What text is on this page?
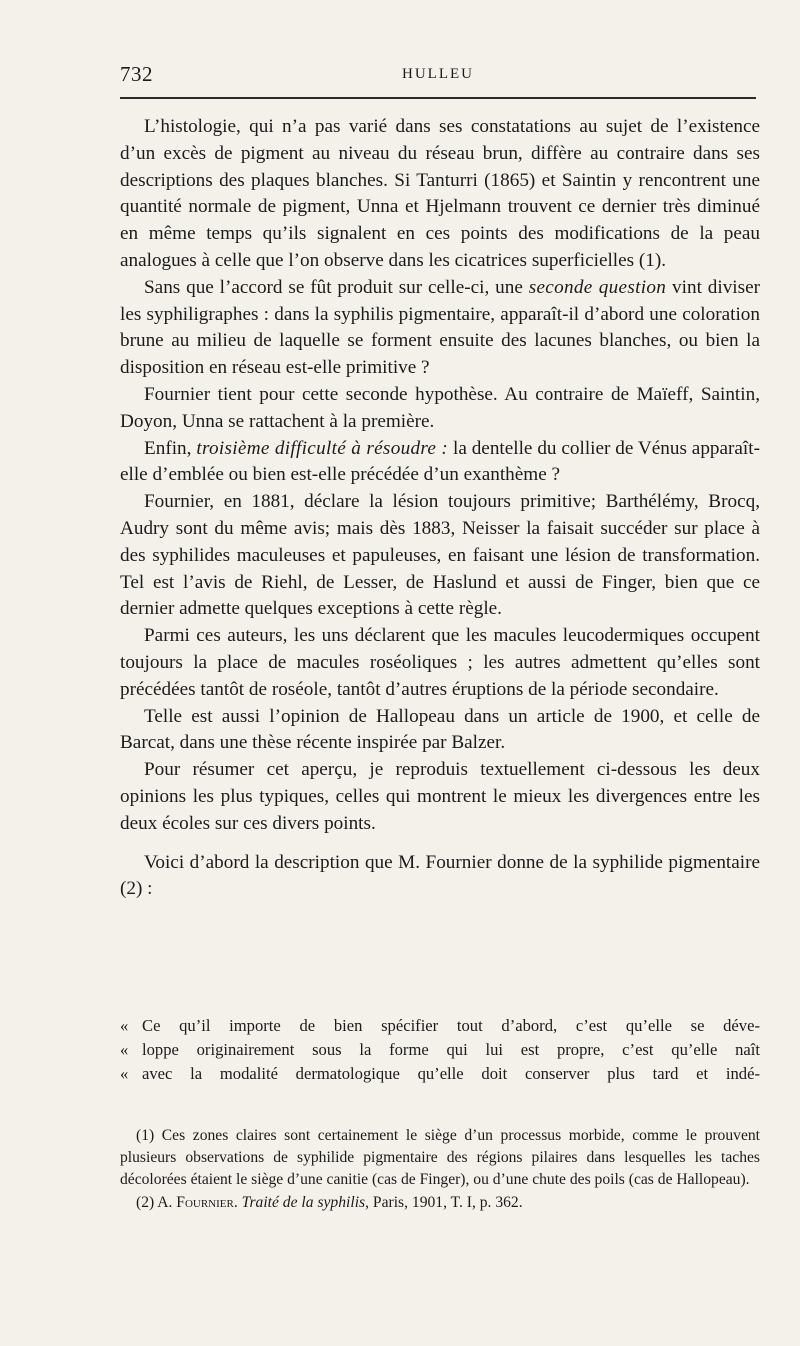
732	HULLEU

L’histologie, qui n’a pas varié dans ses constatations au sujet de l’existence d’un excès de pigment au niveau du réseau brun, diffère au contraire dans ses descriptions des plaques blanches. Si Tanturri (1865) et Saintin y rencontrent une quantité normale de pigment, Unna et Hjelmann trouvent ce dernier très diminué en même temps qu’ils signalent en ces points des modifications de la peau analogues à celle que l’on observe dans les cicatrices superficielles (1).

Sans que l’accord se fût produit sur celle-ci, une seconde question vint diviser les syphiligraphes : dans la syphilis pigmentaire, apparaît-il d’abord une coloration brune au milieu de laquelle se forment ensuite des lacunes blanches, ou bien la disposition en réseau est-elle primitive ?

Fournier tient pour cette seconde hypothèse. Au contraire de Maïeff, Saintin, Doyon, Unna se rattachent à la première.

Enfin, troisième difficulté à résoudre : la dentelle du collier de Vénus apparaît-elle d’emblée ou bien est-elle précédée d’un exanthème ?

Fournier, en 1881, déclare la lésion toujours primitive; Barthélémy, Brocq, Audry sont du même avis; mais dès 1883, Neisser la faisait succéder sur place à des syphilides maculeuses et papuleuses, en faisant une lésion de transformation. Tel est l’avis de Riehl, de Lesser, de Haslund et aussi de Finger, bien que ce dernier admette quelques exceptions à cette règle.

Parmi ces auteurs, les uns déclarent que les macules leucodermiques occupent toujours la place de macules roséoliques ; les autres admettent qu’elles sont précédées tantôt de roséole, tantôt d’autres éruptions de la période secondaire.

Telle est aussi l’opinion de Hallopeau dans un article de 1900, et celle de Barcat, dans une thèse récente inspirée par Balzer.

Pour résumer cet aperçu, je reproduis textuellement ci-dessous les deux opinions les plus typiques, celles qui montrent le mieux les divergences entre les deux écoles sur ces divers points.

Voici d’abord la description que M. Fournier donne de la syphilide pigmentaire (2) :

« Ce qu’il importe de bien spécifier tout d’abord, c’est qu’elle se déve-
« loppe originairement sous la forme qui lui est propre, c’est qu’elle naît
« avec la modalité dermatologique qu’elle doit conserver plus tard et indé-

(1) Ces zones claires sont certainement le siège d’un processus morbide, comme le prouvent plusieurs observations de syphilide pigmentaire des régions pilaires dans lesquelles les taches décolorées étaient le siège d’une canitie (cas de Finger), ou d’une chute des poils (cas de Hallopeau).

(2) A. Fournier. Traité de la syphilis, Paris, 1901, T. I, p. 362.
